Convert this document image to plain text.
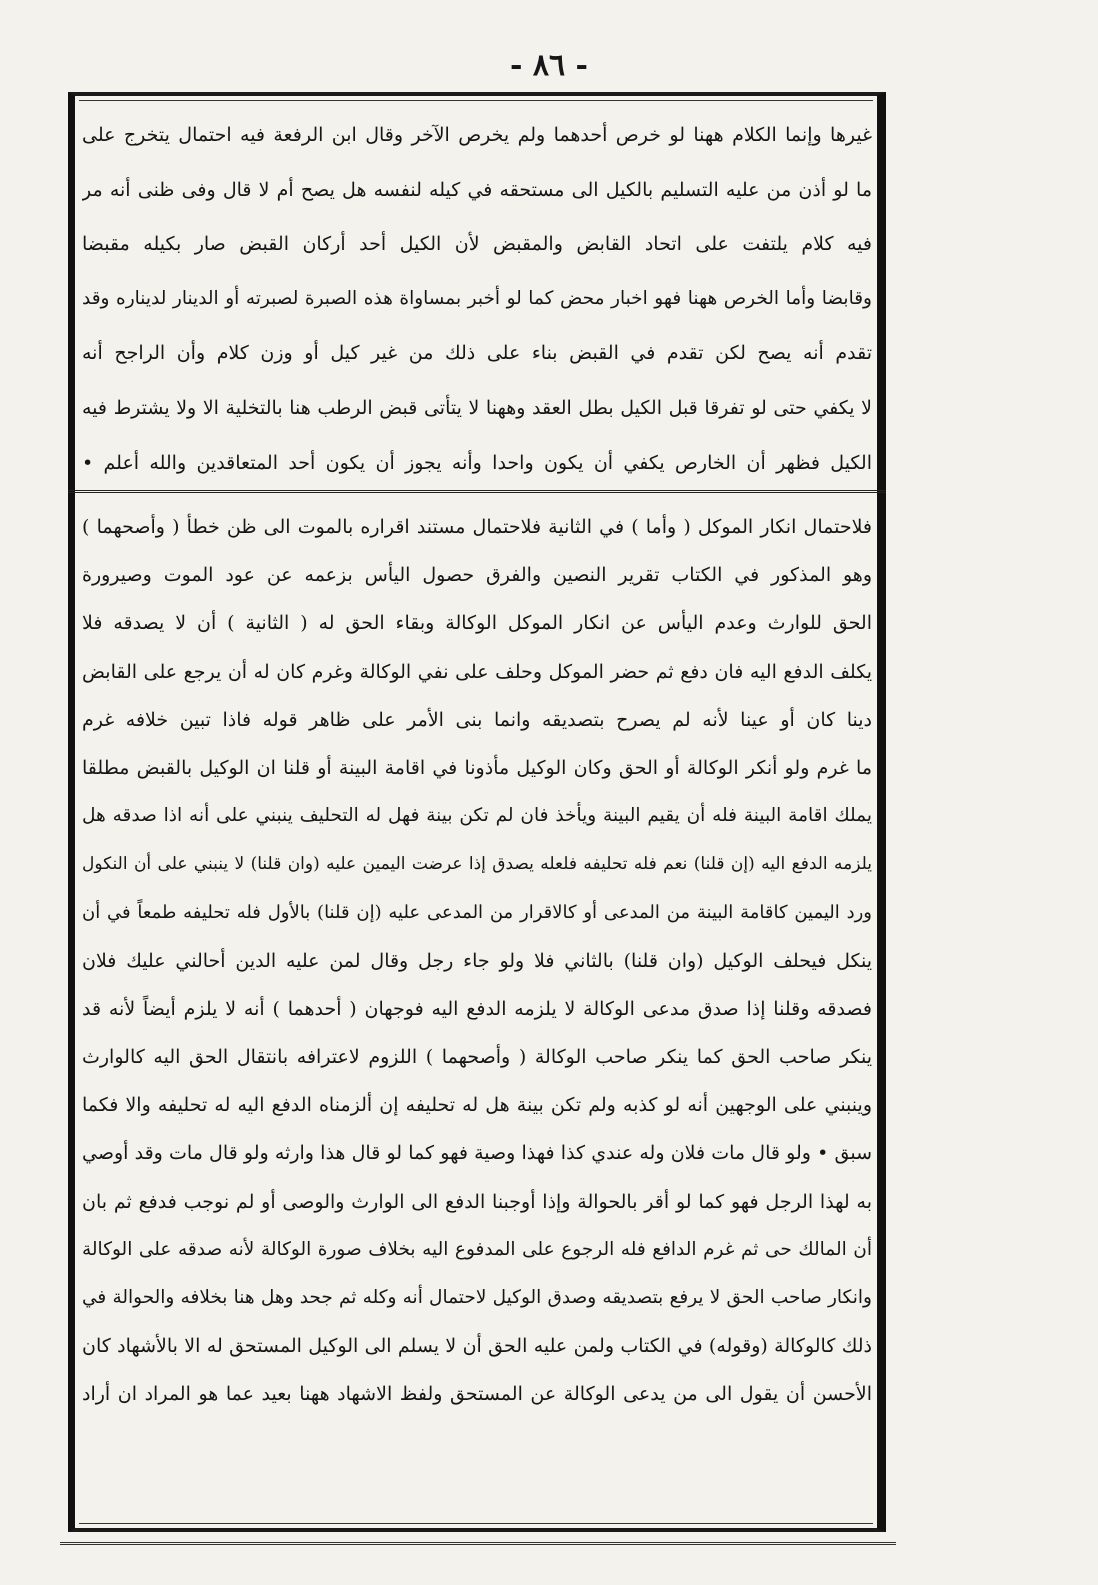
- ٨٦ -
غيرها وإنما الكلام ههنا لو خرص أحدهما ولم يخرص الآخر وقال ابن الرفعة فيه احتمال يتخرج على
ما لو أذن من عليه التسليم بالكيل الى مستحقه في كيله لنفسه هل يصح أم لا قال وفى ظنى أنه مر
فيه كلام يلتفت على اتحاد القابض والمقبض لأن الكيل أحد أركان القبض صار بكيله مقبضا
وقابضا وأما الخرص ههنا فهو اخبار محض كما لو أخبر بمساواة هذه الصبرة لصبرته أو الدينار لديناره وقد
تقدم أنه يصح لكن تقدم في القبض بناء على ذلك من غير كيل أو وزن كلام وأن الراجح أنه
لا يكفي حتى لو تفرقا قبل الكيل بطل العقد وههنا لا يتأتى قبض الرطب هنا بالتخلية الا ولا يشترط فيه
الكيل فظهر أن الخارص يكفي أن يكون واحدا وأنه يجوز أن يكون أحد المتعاقدين والله أعلم •
فلاحتمال انكار الموكل ( وأما ) في الثانية فلاحتمال مستند اقراره بالموت الى ظن خطأ ( وأصحهما )
وهو المذكور في الكتاب تقرير النصين والفرق حصول اليأس بزعمه عن عود الموت وصيرورة
الحق للوارث وعدم اليأس عن انكار الموكل الوكالة وبقاء الحق له ( الثانية ) أن لا يصدقه فلا
يكلف الدفع اليه فان دفع ثم حضر الموكل وحلف على نفي الوكالة وغرم كان له أن يرجع على القابض
دينا كان أو عينا لأنه لم يصرح بتصديقه وانما بنى الأمر على ظاهر قوله فاذا تبين خلافه غرم
ما غرم ولو أنكر الوكالة أو الحق وكان الوكيل مأذونا في اقامة البينة أو قلنا ان الوكيل بالقبض مطلقا
يملك اقامة البينة فله أن يقيم البينة ويأخذ فان لم تكن بينة فهل له التحليف ينبني على أنه اذا صدقه هل
يلزمه الدفع اليه (إن قلنا) نعم فله تحليفه فلعله يصدق إذا عرضت اليمين عليه (وان قلنا) لا ينبني على أن النكول
ورد اليمين كاقامة البينة من المدعى أو كالاقرار من المدعى عليه (إن قلنا) بالأول فله تحليفه طمعاً في أن
ينكل فيحلف الوكيل (وان قلنا) بالثاني فلا ولو جاء رجل وقال لمن عليه الدين أحالني عليك فلان
فصدقه وقلنا إذا صدق مدعى الوكالة لا يلزمه الدفع اليه فوجهان ( أحدهما ) أنه لا يلزم أيضاً لأنه قد
ينكر صاحب الحق كما ينكر صاحب الوكالة ( وأصحهما ) اللزوم لاعترافه بانتقال الحق اليه كالوارث
وينبني على الوجهين أنه لو كذبه ولم تكن بينة هل له تحليفه إن ألزمناه الدفع اليه له تحليفه والا فكما
سبق • ولو قال مات فلان وله عندي كذا فهذا وصية فهو كما لو قال هذا وارثه ولو قال مات وقد أوصي
به لهذا الرجل فهو كما لو أقر بالحوالة وإذا أوجبنا الدفع الى الوارث والوصى أو لم نوجب فدفع ثم بان
أن المالك حى ثم غرم الدافع فله الرجوع على المدفوع اليه بخلاف صورة الوكالة لأنه صدقه على الوكالة
وانكار صاحب الحق لا يرفع بتصديقه وصدق الوكيل لاحتمال أنه وكله ثم جحد وهل هنا بخلافه والحوالة في
ذلك كالوكالة (وقوله) في الكتاب ولمن عليه الحق أن لا يسلم الى الوكيل المستحق له الا بالأشهاد كان
الأحسن أن يقول الى من يدعى الوكالة عن المستحق ولفظ الاشهاد ههنا بعيد عما هو المراد ان أراد
